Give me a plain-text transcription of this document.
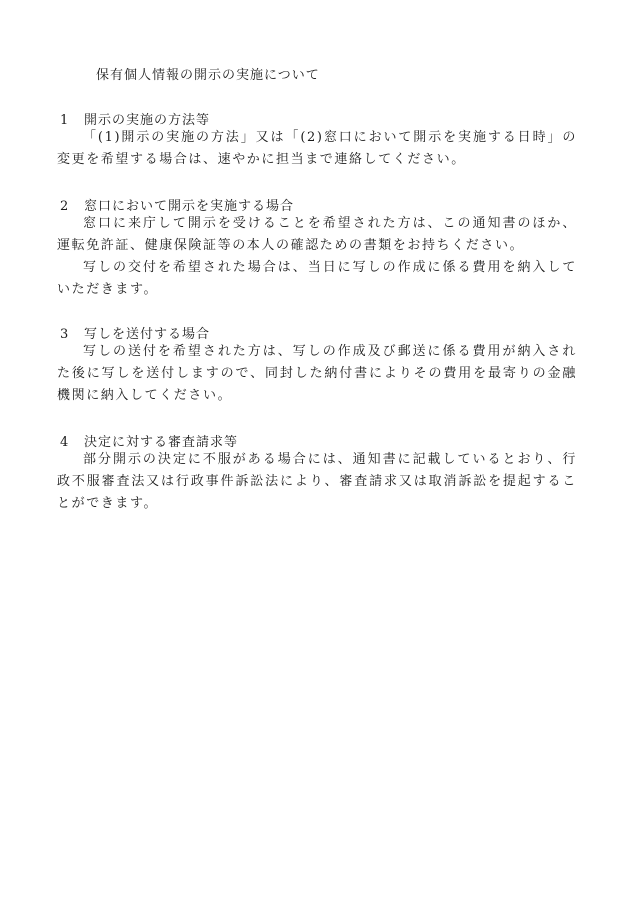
保有個人情報の開示の実施について
1 開示の実施の方法等

「(1)開示の実施の方法」又は「(2)窓口において開示を実施する日時」の変更を希望する場合は、速やかに担当まで連絡してください。

2 窓口において開示を実施する場合

窓口に来庁して開示を受けることを希望された方は、この通知書のほか、運転免許証、健康保険証等の本人の確認ための書類をお持ちください。

写しの交付を希望された場合は、当日に写しの作成に係る費用を納入していただきます。

3 写しを送付する場合

写しの送付を希望された方は、写しの作成及び郵送に係る費用が納入された後に写しを送付しますので、同封した納付書によりその費用を最寄りの金融機関に納入してください。

4 決定に対する審査請求等

部分開示の決定に不服がある場合には、通知書に記載しているとおり、行政不服審査法又は行政事件訴訟法により、審査請求又は取消訴訟を提起することができます。
